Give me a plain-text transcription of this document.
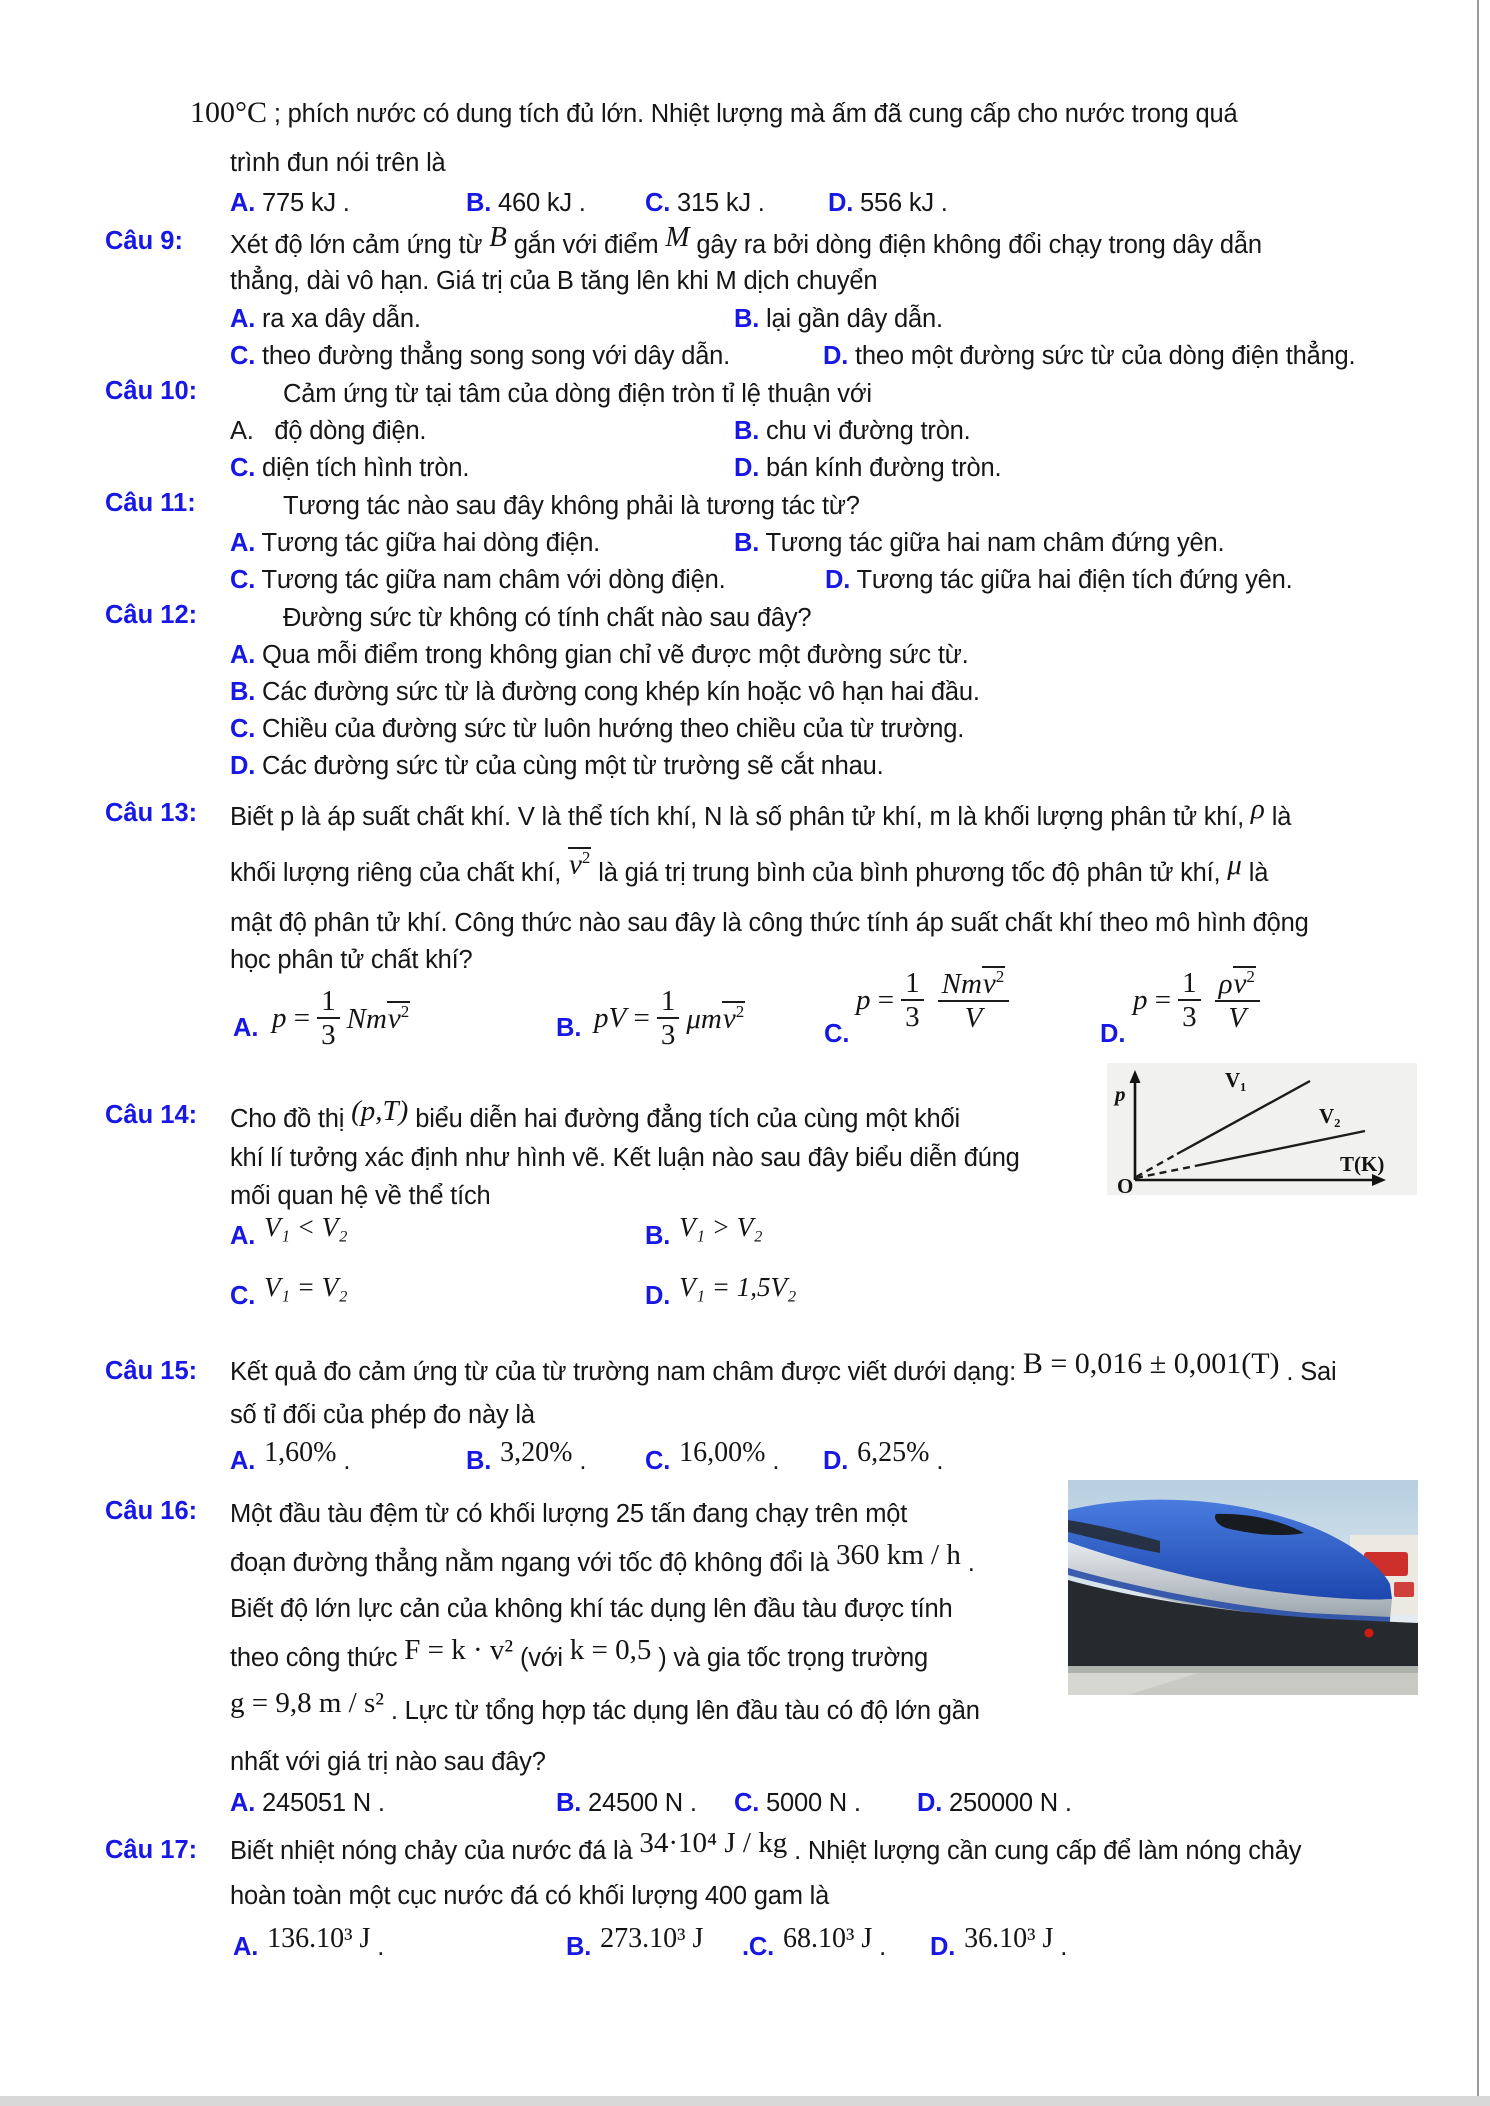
100°C ; phích nước có dung tích đủ lớn. Nhiệt lượng mà ấm đã cung cấp cho nước trong quá
trình đun nói trên là
A. 775 kJ .	B. 460 kJ . C. 315 kJ . D. 556 kJ .
Câu 9: Xét độ lớn cảm ứng từ B gắn với điểm M gây ra bởi dòng điện không đổi chạy trong dây dẫn
thẳng, dài vô hạn. Giá trị của B tăng lên khi M dịch chuyển
A. ra xa dây dẫn.	B. lại gần dây dẫn.
C. theo đường thẳng song song với dây dẫn.	D. theo một đường sức từ của dòng điện thẳng.
Câu 10:	Cảm ứng từ tại tâm của dòng điện tròn tỉ lệ thuận với
A. độ dòng điện.	B. chu vi đường tròn.
C. diện tích hình tròn.	D. bán kính đường tròn.
Câu 11:	Tương tác nào sau đây không phải là tương tác từ?
A. Tương tác giữa hai dòng điện.	B. Tương tác giữa hai nam châm đứng yên.
C. Tương tác giữa nam châm với dòng điện.	D. Tương tác giữa hai điện tích đứng yên.
Câu 12:	Đường sức từ không có tính chất nào sau đây?
A. Qua mỗi điểm trong không gian chỉ vẽ được một đường sức từ.
B. Các đường sức từ là đường cong khép kín hoặc vô hạn hai đầu.
C. Chiều của đường sức từ luôn hướng theo chiều của từ trường.
D. Các đường sức từ của cùng một từ trường sẽ cắt nhau.
Câu 13: Biết p là áp suất chất khí. V là thể tích khí, N là số phân tử khí, m là khối lượng phân tử khí, ρ là
khối lượng riêng của chất khí, $v^2$
là giá trị trung bình của bình phương tốc độ phân tử khí, μ là
mật độ phân tử khí. Công thức nào sau đây là công thức tính áp suất chất khí theo mô hình động
học phân tử chất khí?
A. p
= $\frac{1}{3}$ Nm $v^2$
B. pV
= $\frac{1}{3}$ μm $v^2$
C.
p
= $\frac{1}{3} \frac{Nm v^2}{V}$	D.
p
= $\frac{1}{3} \frac{\rho v^2}{V}$
Câu 14: Cho đồ thị (p,T) biểu diễn hai đường đẳng tích của cùng một khối
khí lí tưởng xác định như hình vẽ. Kết luận nào sau đây biểu diễn đúng
mối quan hệ về thể tích
A. V₁ < V₂	B. V₁ > V₂
C. V₁ = V₂	D. V₁ = 1,5V₂
p
O
T(K)
V₁
V₂
Câu 15: Kết quả đo cảm ứng từ của từ trường nam châm được viết dưới dạng: B = 0,016 ± 0,001(T) . Sai
số tỉ đối của phép đo này là
A. 1,60% .	B. 3,20% . C. 16,00% . D. 6,25% .
Câu 16: Một đầu tàu đệm từ có khối lượng 25 tấn đang chạy trên một
đoạn đường thẳng nằm ngang với tốc độ không đổi là 360 km / h .
Biết độ lớn lực cản của không khí tác dụng lên đầu tàu được tính
theo công thức F = k · v² (với k = 0,5 ) và gia tốc trọng trường
g = 9,8 m / s² . Lực từ tổng hợp tác dụng lên đầu tàu có độ lớn gần
nhất với giá trị nào sau đây?
A. 245051 N .	B. 24500 N . C. 5000 N . D. 250000 N .
Câu 17: Biết nhiệt nóng chảy của nước đá là 34·10⁴ J / kg . Nhiệt lượng cần cung cấp để làm nóng chảy
hoàn toàn một cục nước đá có khối lượng 400 gam là
A. 136.10³ J .	B. 273.10³ J .C. 68.10³ J . D. 36.10³ J .
